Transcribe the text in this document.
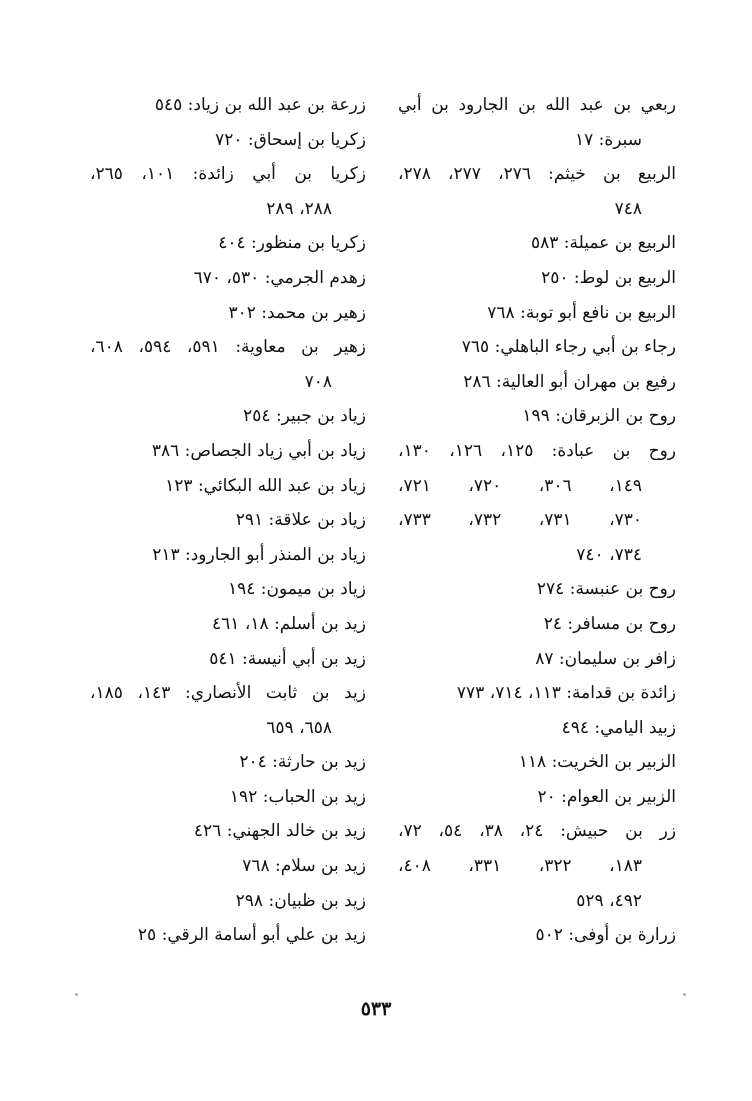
ربعي بن عبد الله بن الجارود بن أبي
سبرة: ١٧
الربيع بن خيثم: ٢٧٦، ٢٧٧، ٢٧٨،
٧٤٨
الربيع بن عميلة: ٥٨٣
الربيع بن لوط: ٢٥٠
الربيع بن نافع أبو توبة: ٧٦٨
رجاء بن أبي رجاء الباهلي: ٧٦٥
رفيع بن مهران أبو العالية: ٢٨٦
روح بن الزبرقان: ١٩٩
روح بن عبادة: ١٢٥، ١٢٦، ١٣٠،
١٤٩، ٣٠٦، ٧٢٠، ٧٢١،
٧٣٠، ٧٣١، ٧٣٢، ٧٣٣،
٧٣٤، ٧٤٠
روح بن عنبسة: ٢٧٤
روح بن مسافر: ٢٤
زافر بن سليمان: ٨٧
زائدة بن قدامة: ١١٣، ٧١٤، ٧٧٣
زبيد اليامي: ٤٩٤
الزبير بن الخريت: ١١٨
الزبير بن العوام: ٢٠
زر بن حبيش: ٢٤، ٣٨، ٥٤، ٧٢،
١٨٣، ٣٢٢، ٣٣١، ٤٠٨،
٤٩٢، ٥٢٩
زرارة بن أوفى: ٥٠٢
زرعة بن عبد الله بن زياد: ٥٤٥
زكريا بن إسحاق: ٧٢٠
زكريا بن أبي زائدة: ١٠١، ٢٦٥،
٢٨٨، ٢٨٩
زكريا بن منظور: ٤٠٤
زهدم الجرمي: ٥٣٠، ٦٧٠
زهير بن محمد: ٣٠٢
زهير بن معاوية: ٥٩١، ٥٩٤، ٦٠٨،
٧٠٨
زياد بن جبير: ٢٥٤
زياد بن أبي زياد الجصاص: ٣٨٦
زياد بن عبد الله البكائي: ١٢٣
زياد بن علاقة: ٢٩١
زياد بن المنذر أبو الجارود: ٢١٣
زياد بن ميمون: ١٩٤
زيد بن أسلم: ١٨، ٤٦١
زيد بن أبي أنيسة: ٥٤١
زيد بن ثابت الأنصاري: ١٤٣، ١٨٥،
٦٥٨، ٦٥٩
زيد بن حارثة: ٢٠٤
زيد بن الحباب: ١٩٢
زيد بن خالد الجهني: ٤٢٦
زيد بن سلام: ٧٦٨
زيد بن ظبيان: ٢٩٨
زيد بن علي أبو أسامة الرقي: ٢٥
٥٣٣
